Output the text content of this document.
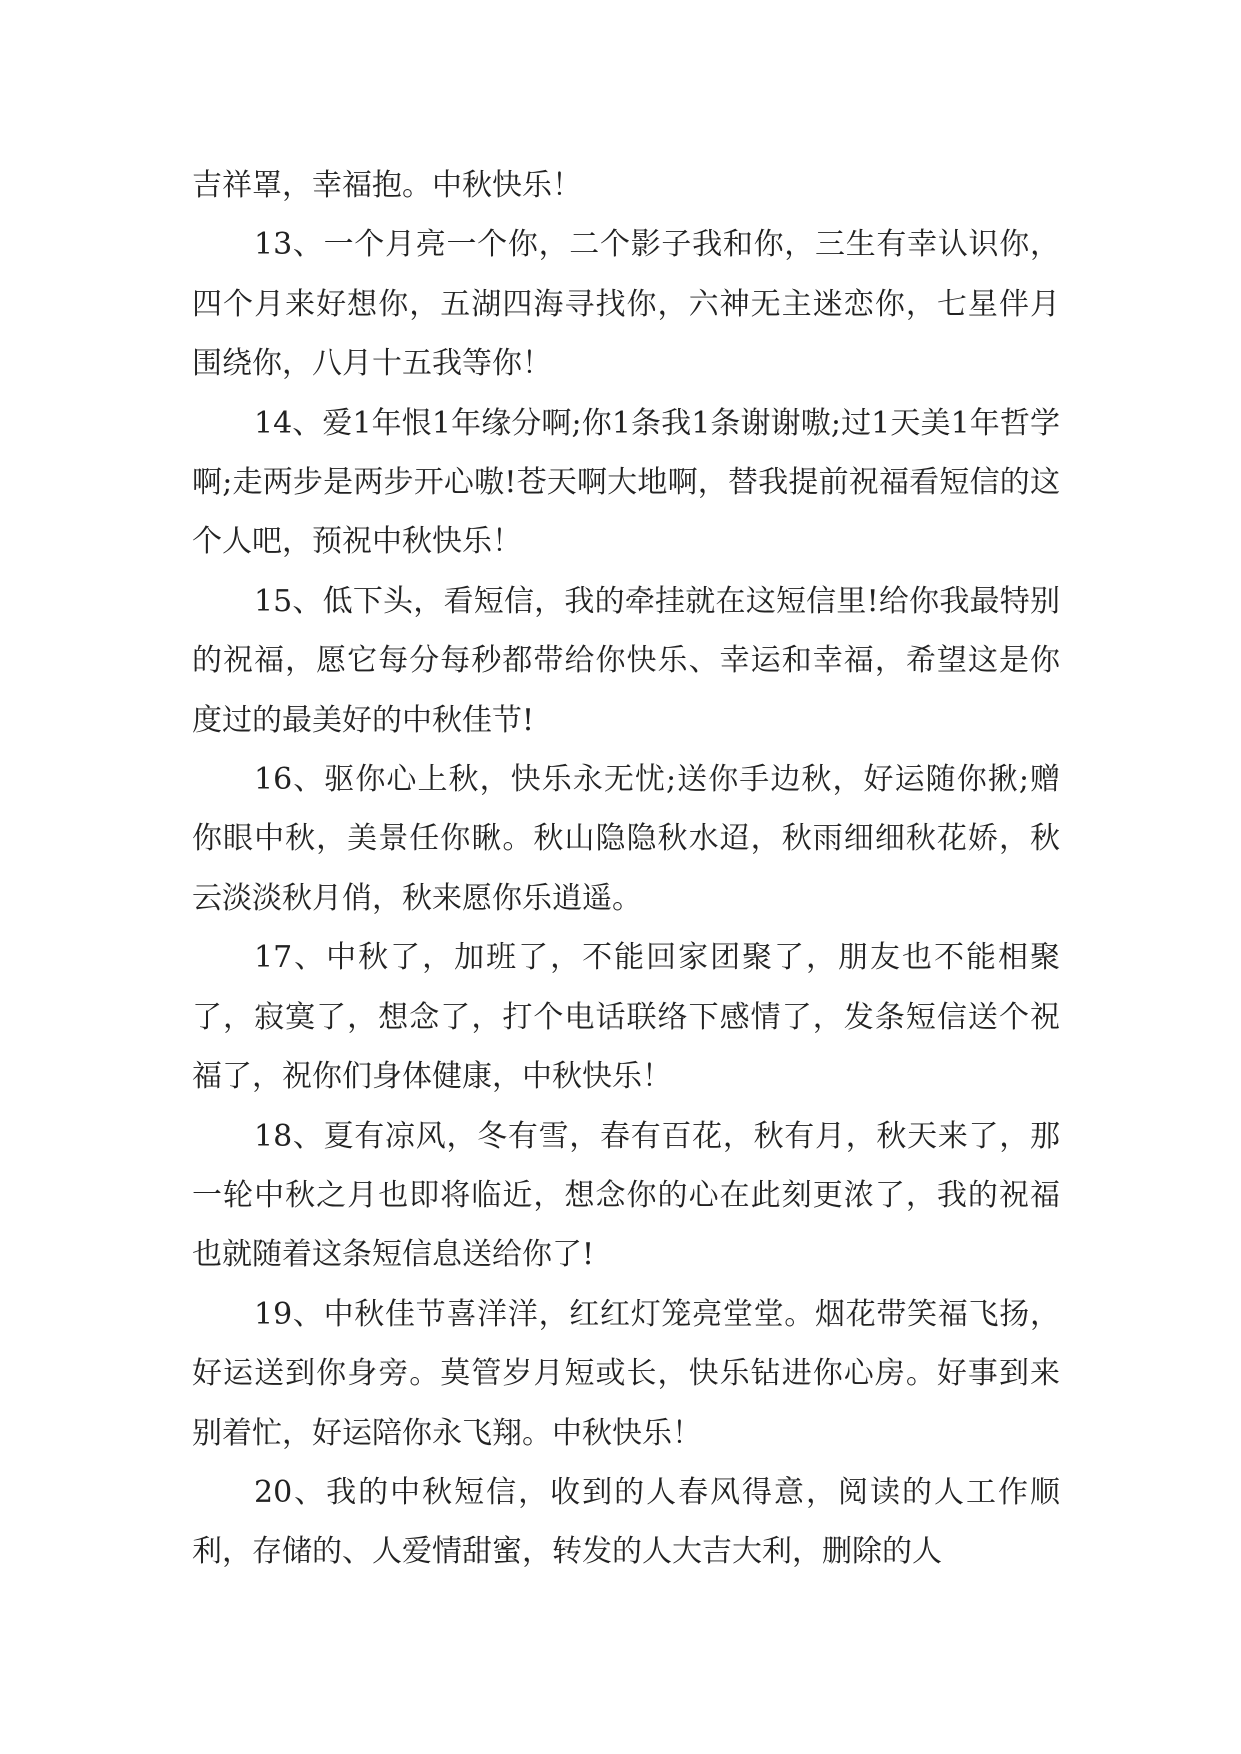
吉祥罩，幸福抱。中秋快乐！

13、一个月亮一个你，二个影子我和你，三生有幸认识你，四个月来好想你，五湖四海寻找你，六神无主迷恋你，七星伴月围绕你，八月十五我等你！

14、爱1年恨1年缘分啊;你1条我1条谢谢嗷;过1天美1年哲学啊;走两步是两步开心嗷!苍天啊大地啊，替我提前祝福看短信的这个人吧，预祝中秋快乐！

15、低下头，看短信，我的牵挂就在这短信里!给你我最特别的祝福，愿它每分每秒都带给你快乐、幸运和幸福，希望这是你度过的最美好的中秋佳节!

16、驱你心上秋，快乐永无忧;送你手边秋，好运随你揪;赠你眼中秋，美景任你瞅。秋山隐隐秋水迢，秋雨细细秋花娇，秋云淡淡秋月俏，秋来愿你乐逍遥。

17、中秋了，加班了，不能回家团聚了，朋友也不能相聚了，寂寞了，想念了，打个电话联络下感情了，发条短信送个祝福了，祝你们身体健康，中秋快乐！

18、夏有凉风，冬有雪，春有百花，秋有月，秋天来了，那一轮中秋之月也即将临近，想念你的心在此刻更浓了，我的祝福也就随着这条短信息送给你了!

19、中秋佳节喜洋洋，红红灯笼亮堂堂。烟花带笑福飞扬，好运送到你身旁。莫管岁月短或长，快乐钻进你心房。好事到来别着忙，好运陪你永飞翔。中秋快乐！

20、我的中秋短信，收到的人春风得意，阅读的人工作顺利，存储的、人爱情甜蜜，转发的人大吉大利，删除的人
